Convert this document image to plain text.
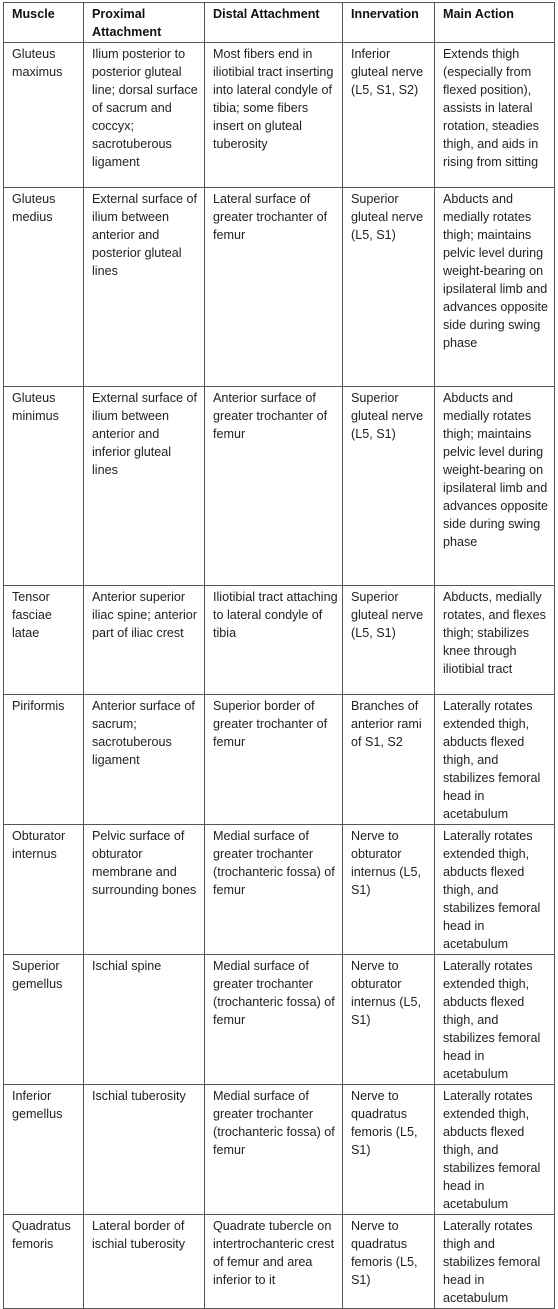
Muscle	Proximal Attachment	Distal Attachment	Innervation	Main Action
Gluteus maximus	Ilium posterior to posterior gluteal line; dorsal surface of sacrum and coccyx; sacrotuberous ligament	Most fibers end in iliotibial tract inserting into lateral condyle of tibia; some fibers insert on gluteal tuberosity	Inferior gluteal nerve (L5, S1, S2)	Extends thigh (especially from flexed position), assists in lateral rotation, steadies thigh, and aids in rising from sitting
Gluteus medius	External surface of ilium between anterior and posterior gluteal lines	Lateral surface of greater trochanter of femur	Superior gluteal nerve (L5, S1)	Abducts and medially rotates thigh; maintains pelvic level during weight-bearing on ipsilateral limb and advances opposite side during swing phase
Gluteus minimus	External surface of ilium between anterior and inferior gluteal lines	Anterior surface of greater trochanter of femur	Superior gluteal nerve (L5, S1)	Abducts and medially rotates thigh; maintains pelvic level during weight-bearing on ipsilateral limb and advances opposite side during swing phase
Tensor fasciae latae	Anterior superior iliac spine; anterior part of iliac crest	Iliotibial tract attaching to lateral condyle of tibia	Superior gluteal nerve (L5, S1)	Abducts, medially rotates, and flexes thigh; stabilizes knee through iliotibial tract
Piriformis	Anterior surface of sacrum; sacrotuberous ligament	Superior border of greater trochanter of femur	Branches of anterior rami of S1, S2	Laterally rotates extended thigh, abducts flexed thigh, and stabilizes femoral head in acetabulum
Obturator internus	Pelvic surface of obturator membrane and surrounding bones	Medial surface of greater trochanter (trochanteric fossa) of femur	Nerve to obturator internus (L5, S1)	Laterally rotates extended thigh, abducts flexed thigh, and stabilizes femoral head in acetabulum
Superior gemellus	Ischial spine	Medial surface of greater trochanter (trochanteric fossa) of femur	Nerve to obturator internus (L5, S1)	Laterally rotates extended thigh, abducts flexed thigh, and stabilizes femoral head in acetabulum
Inferior gemellus	Ischial tuberosity	Medial surface of greater trochanter (trochanteric fossa) of femur	Nerve to quadratus femoris (L5, S1)	Laterally rotates extended thigh, abducts flexed thigh, and stabilizes femoral head in acetabulum
Quadratus femoris	Lateral border of ischial tuberosity	Quadrate tubercle on intertrochanteric crest of femur and area inferior to it	Nerve to quadratus femoris (L5, S1)	Laterally rotates thigh and stabilizes femoral head in acetabulum
